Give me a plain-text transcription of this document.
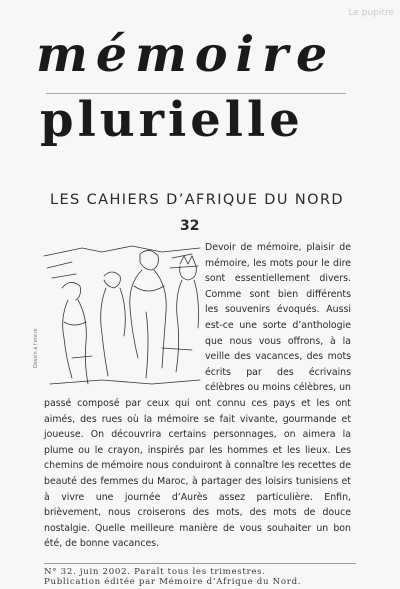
Le pupitre
mémoire
plurielle
LES CAHIERS D’AFRIQUE DU NORD
32
Dessin à l'encre

Devoir de mémoire, plaisir de mémoire, les mots pour le dire sont essentiellement divers. Comme sont bien différents les souvenirs évoqués. Aussi est-ce une sorte d’anthologie que nous vous offrons, à la veille des vacances, des mots écrits par des écrivains célèbres ou moins célèbres, un passé composé par ceux qui ont connu ces pays et les ont aimés, des rues où la mémoire se fait vivante, gourmande et joueuse. On découvrira certains personnages, on aimera la plume ou le crayon, inspirés par les hommes et les lieux. Les chemins de mémoire nous conduiront à connaître les recettes de beauté des femmes du Maroc, à partager des loisirs tunisiens et à vivre une journée d’Aurès assez particulière. Enfin, brièvement, nous croiserons des mots, des mots de douce nostalgie. Quelle meilleure manière de vous souhaiter un bon été, de bonne vacances.

N° 32. juin 2002. Paraît tous les trimestres.
Publication éditée par Mémoire d’Afrique du Nord.
